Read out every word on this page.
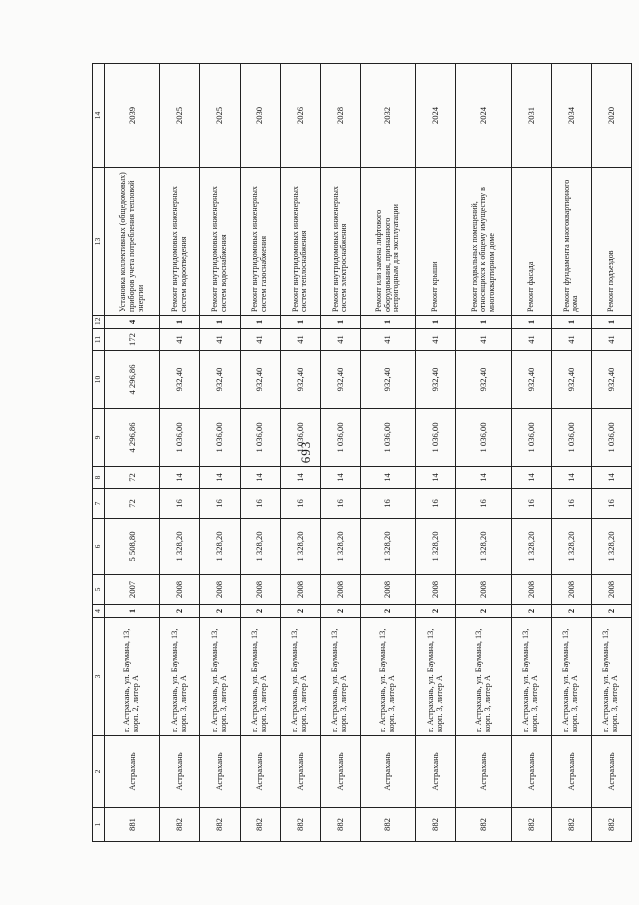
693
1	2	3	4	5	6	7	8	9	10	11	12	13	14
881	Астрахань	г. Астрахань, ул. Баумана, 13, корп. 2, литер А	1	2007	5 508,80	72	72	4 296,86	4 296,86	172	4	Установка коллективных (общедомовых) приборов учета потребления тепловой энергии	2039
882	Астрахань	г. Астрахань, ул. Баумана, 13, корп. 3, литер А	2	2008	1 328,20	16	14	1 036,00	932,40	41	1	Ремонт внутридомовых инженерных систем водоотведения	2025
882	Астрахань	г. Астрахань, ул. Баумана, 13, корп. 3, литер А	2	2008	1 328,20	16	14	1 036,00	932,40	41	1	Ремонт внутридомовых инженерных систем водоснабжения	2025
882	Астрахань	г. Астрахань, ул. Баумана, 13, корп. 3, литер А	2	2008	1 328,20	16	14	1 036,00	932,40	41	1	Ремонт внутридомовых инженерных систем газоснабжения	2030
882	Астрахань	г. Астрахань, ул. Баумана, 13, корп. 3, литер А	2	2008	1 328,20	16	14	1 036,00	932,40	41	1	Ремонт внутридомовых инженерных систем теплоснабжения	2026
882	Астрахань	г. Астрахань, ул. Баумана, 13, корп. 3, литер А	2	2008	1 328,20	16	14	1 036,00	932,40	41	1	Ремонт внутридомовых инженерных систем электроснабжения	2028
882	Астрахань	г. Астрахань, ул. Баумана, 13, корп. 3, литер А	2	2008	1 328,20	16	14	1 036,00	932,40	41	1	Ремонт или замена лифтового оборудования, признанного непригодным для эксплуатации	2032
882	Астрахань	г. Астрахань, ул. Баумана, 13, корп. 3, литер А	2	2008	1 328,20	16	14	1 036,00	932,40	41	1	Ремонт крыши	2024
882	Астрахань	г. Астрахань, ул. Баумана, 13, корп. 3, литер А	2	2008	1 328,20	16	14	1 036,00	932,40	41	1	Ремонт подвальных помещений, относящихся к общему имуществу в многоквартирном доме	2024
882	Астрахань	г. Астрахань, ул. Баумана, 13, корп. 3, литер А	2	2008	1 328,20	16	14	1 036,00	932,40	41	1	Ремонт фасада	2031
882	Астрахань	г. Астрахань, ул. Баумана, 13, корп. 3, литер А	2	2008	1 328,20	16	14	1 036,00	932,40	41	1	Ремонт фундамента многоквартирного дома	2034
882	Астрахань	г. Астрахань, ул. Баумана, 13, корп. 3, литер А	2	2008	1 328,20	16	14	1 036,00	932,40	41	1	Ремонт подъездов	2020
